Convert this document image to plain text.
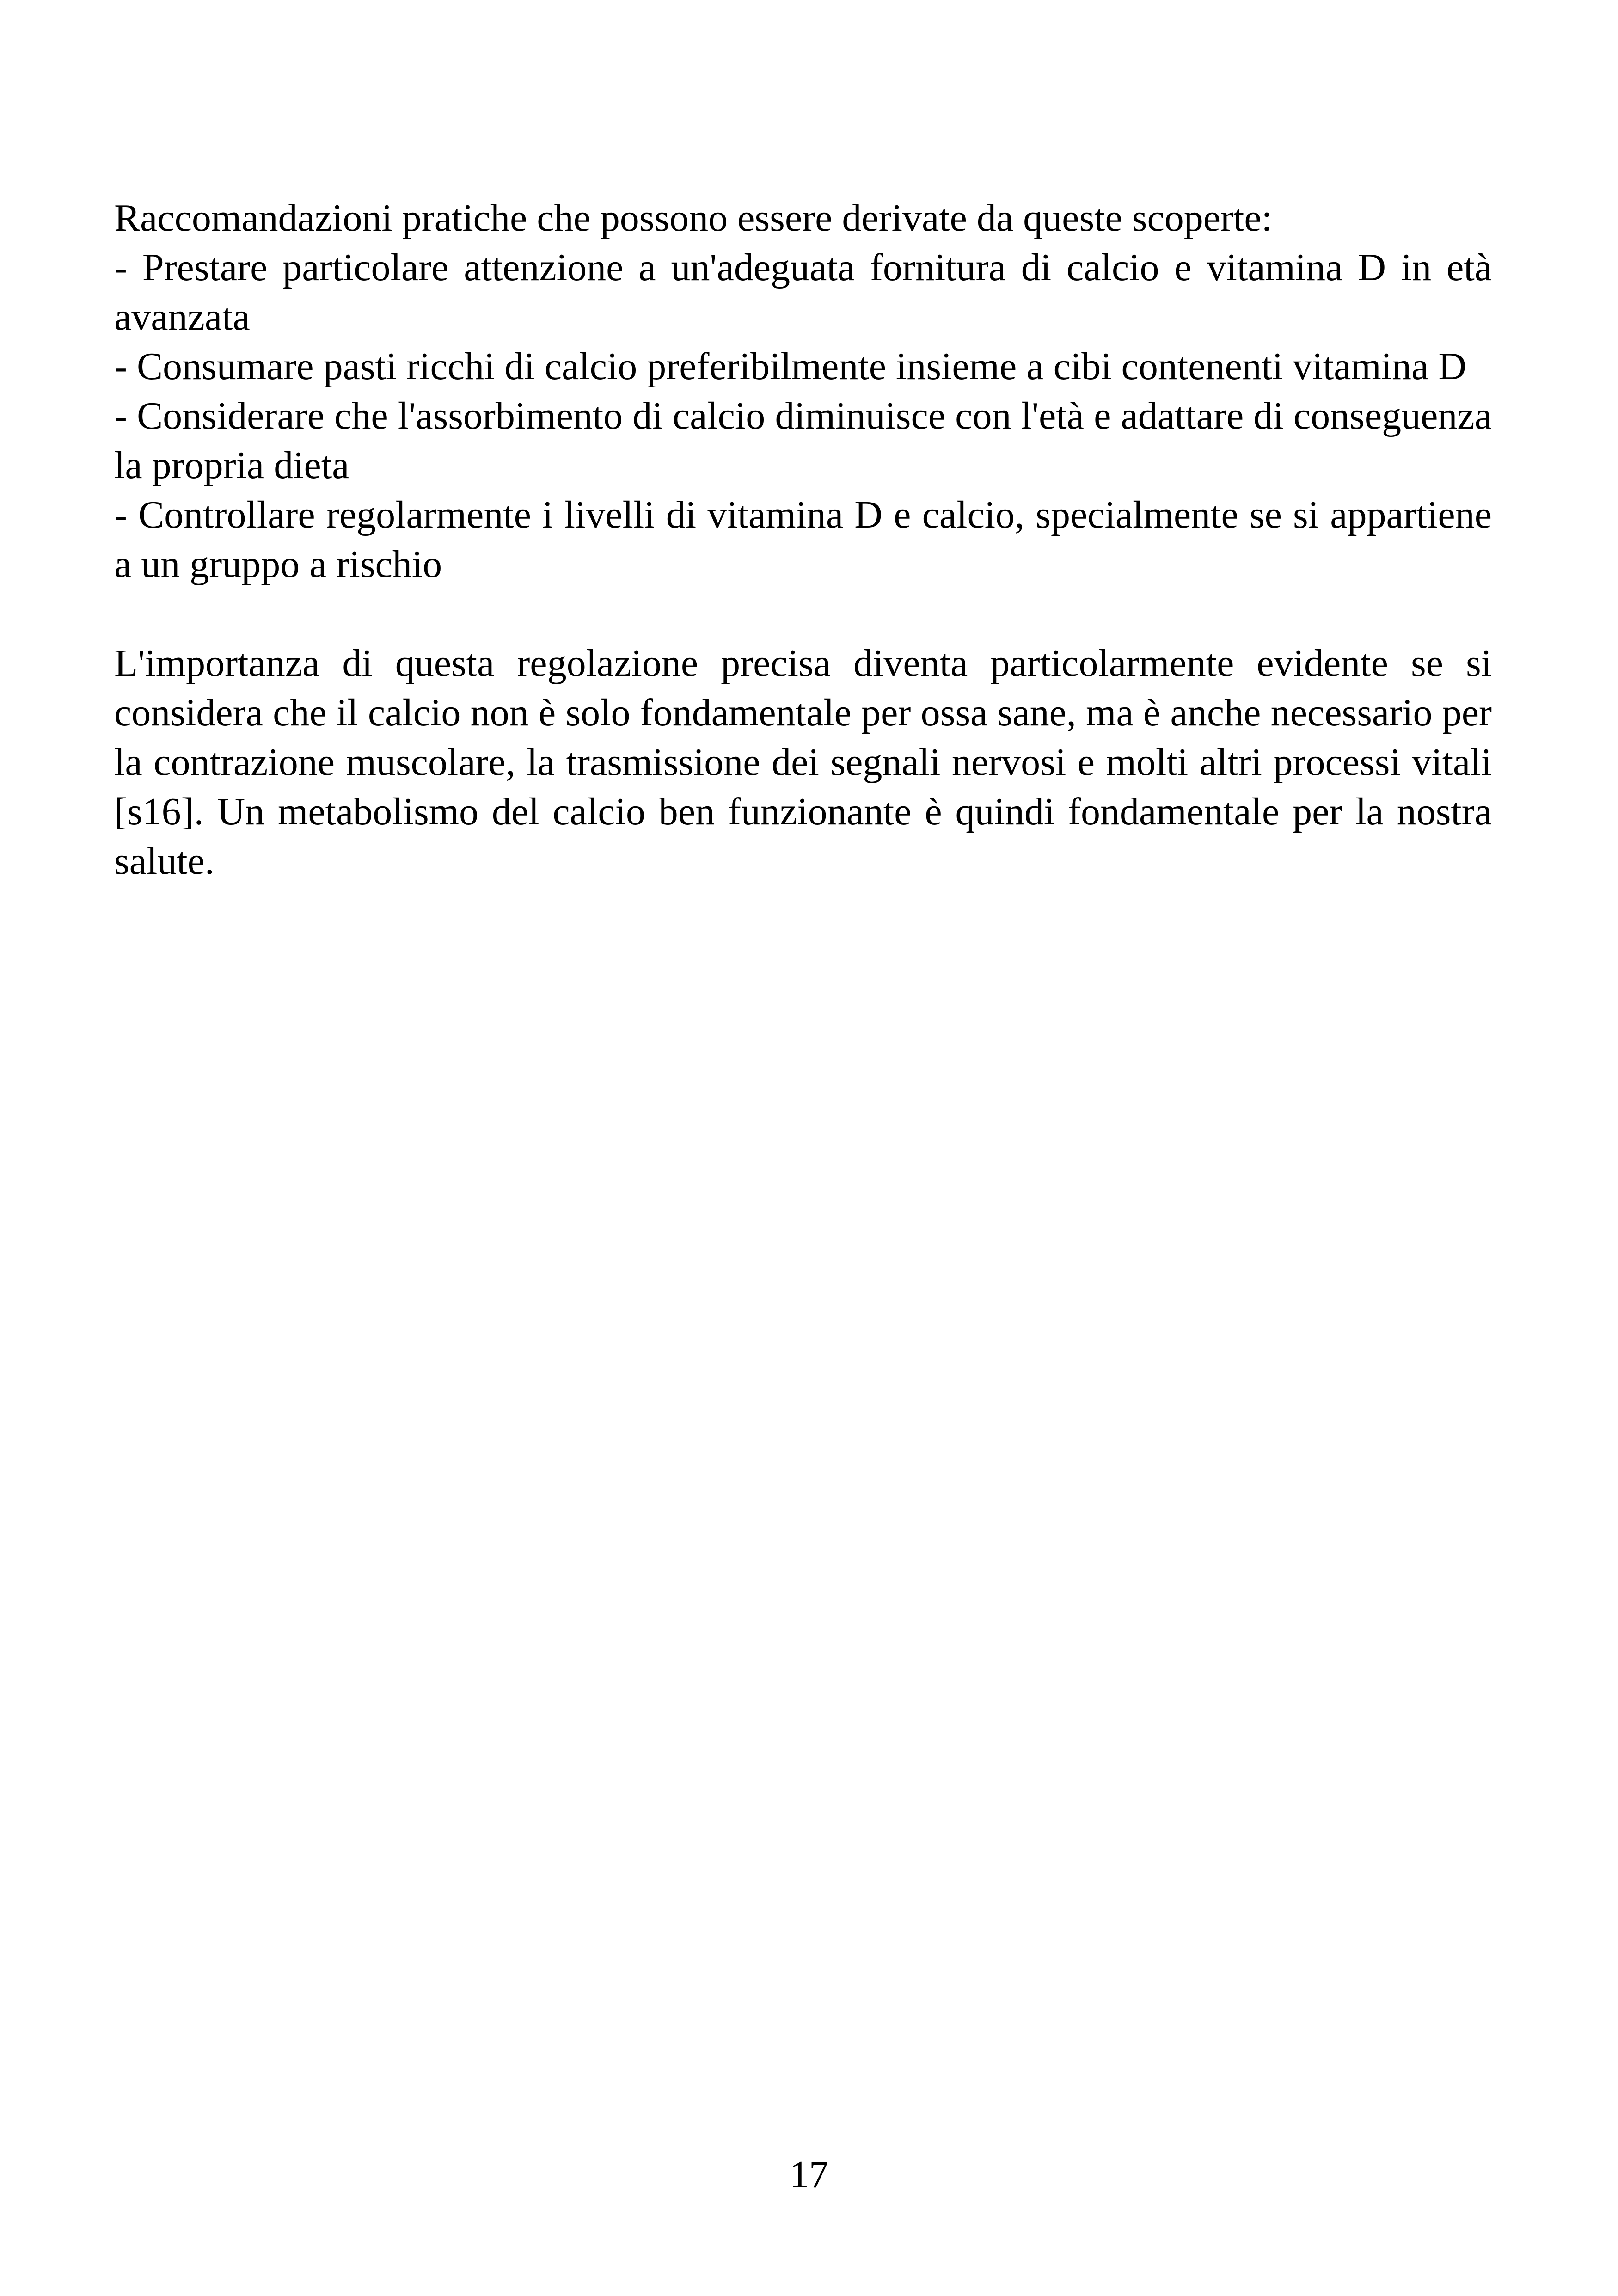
Raccomandazioni pratiche che possono essere derivate da queste scoperte:

- Prestare particolare attenzione a un'adeguata fornitura di calcio e vitamina D in età avanzata

- Consumare pasti ricchi di calcio preferibilmente insieme a cibi contenenti vitamina D

- Considerare che l'assorbimento di calcio diminuisce con l'età e adattare di conseguenza la propria dieta

- Controllare regolarmente i livelli di vitamina D e calcio, specialmente se si appartiene a un gruppo a rischio

L'importanza di questa regolazione precisa diventa particolarmente evidente se si considera che il calcio non è solo fondamentale per ossa sane, ma è anche necessario per la contrazione muscolare, la trasmissione dei segnali nervosi e molti altri processi vitali [s16]. Un metabolismo del calcio ben funzionante è quindi fondamentale per la nostra salute.

17
